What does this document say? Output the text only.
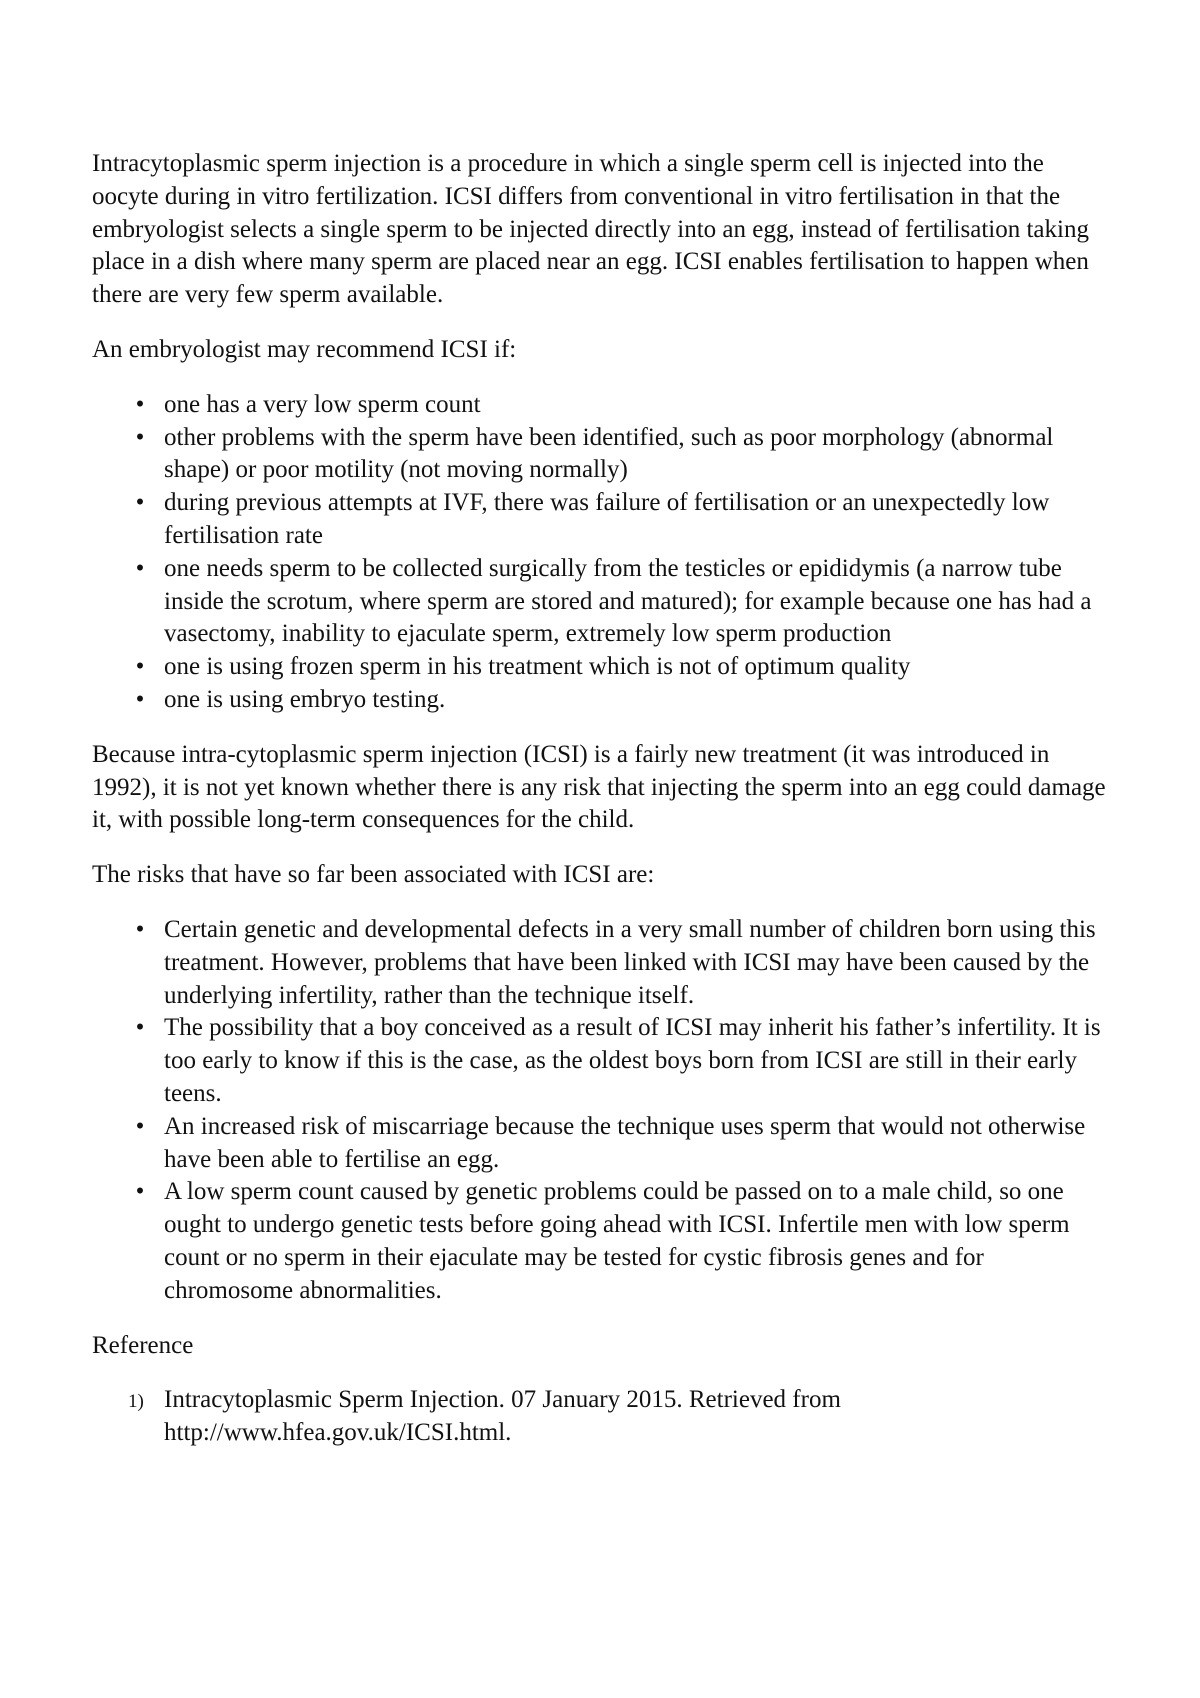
Intracytoplasmic sperm injection is a procedure in which a single sperm cell is injected into the oocyte during in vitro fertilization. ICSI differs from conventional in vitro fertilisation in that the embryologist selects a single sperm to be injected directly into an egg, instead of fertilisation taking place in a dish where many sperm are placed near an egg. ICSI enables fertilisation to happen when there are very few sperm available.

An embryologist may recommend ICSI if:

• one has a very low sperm count
• other problems with the sperm have been identified, such as poor morphology (abnormal shape) or poor motility (not moving normally)
• during previous attempts at IVF, there was failure of fertilisation or an unexpectedly low fertilisation rate
• one needs sperm to be collected surgically from the testicles or epididymis (a narrow tube inside the scrotum, where sperm are stored and matured); for example because one has had a vasectomy, inability to ejaculate sperm, extremely low sperm production
• one is using frozen sperm in his treatment which is not of optimum quality
• one is using embryo testing.

Because intra-cytoplasmic sperm injection (ICSI) is a fairly new treatment (it was introduced in 1992), it is not yet known whether there is any risk that injecting the sperm into an egg could damage it, with possible long-term consequences for the child.

The risks that have so far been associated with ICSI are:

• Certain genetic and developmental defects in a very small number of children born using this treatment. However, problems that have been linked with ICSI may have been caused by the underlying infertility, rather than the technique itself.
• The possibility that a boy conceived as a result of ICSI may inherit his father’s infertility. It is too early to know if this is the case, as the oldest boys born from ICSI are still in their early teens.
• An increased risk of miscarriage because the technique uses sperm that would not otherwise have been able to fertilise an egg.
• A low sperm count caused by genetic problems could be passed on to a male child, so one ought to undergo genetic tests before going ahead with ICSI. Infertile men with low sperm count or no sperm in their ejaculate may be tested for cystic fibrosis genes and for chromosome abnormalities.

Reference

1) Intracytoplasmic Sperm Injection. 07 January 2015. Retrieved from http://www.hfea.gov.uk/ICSI.html.
